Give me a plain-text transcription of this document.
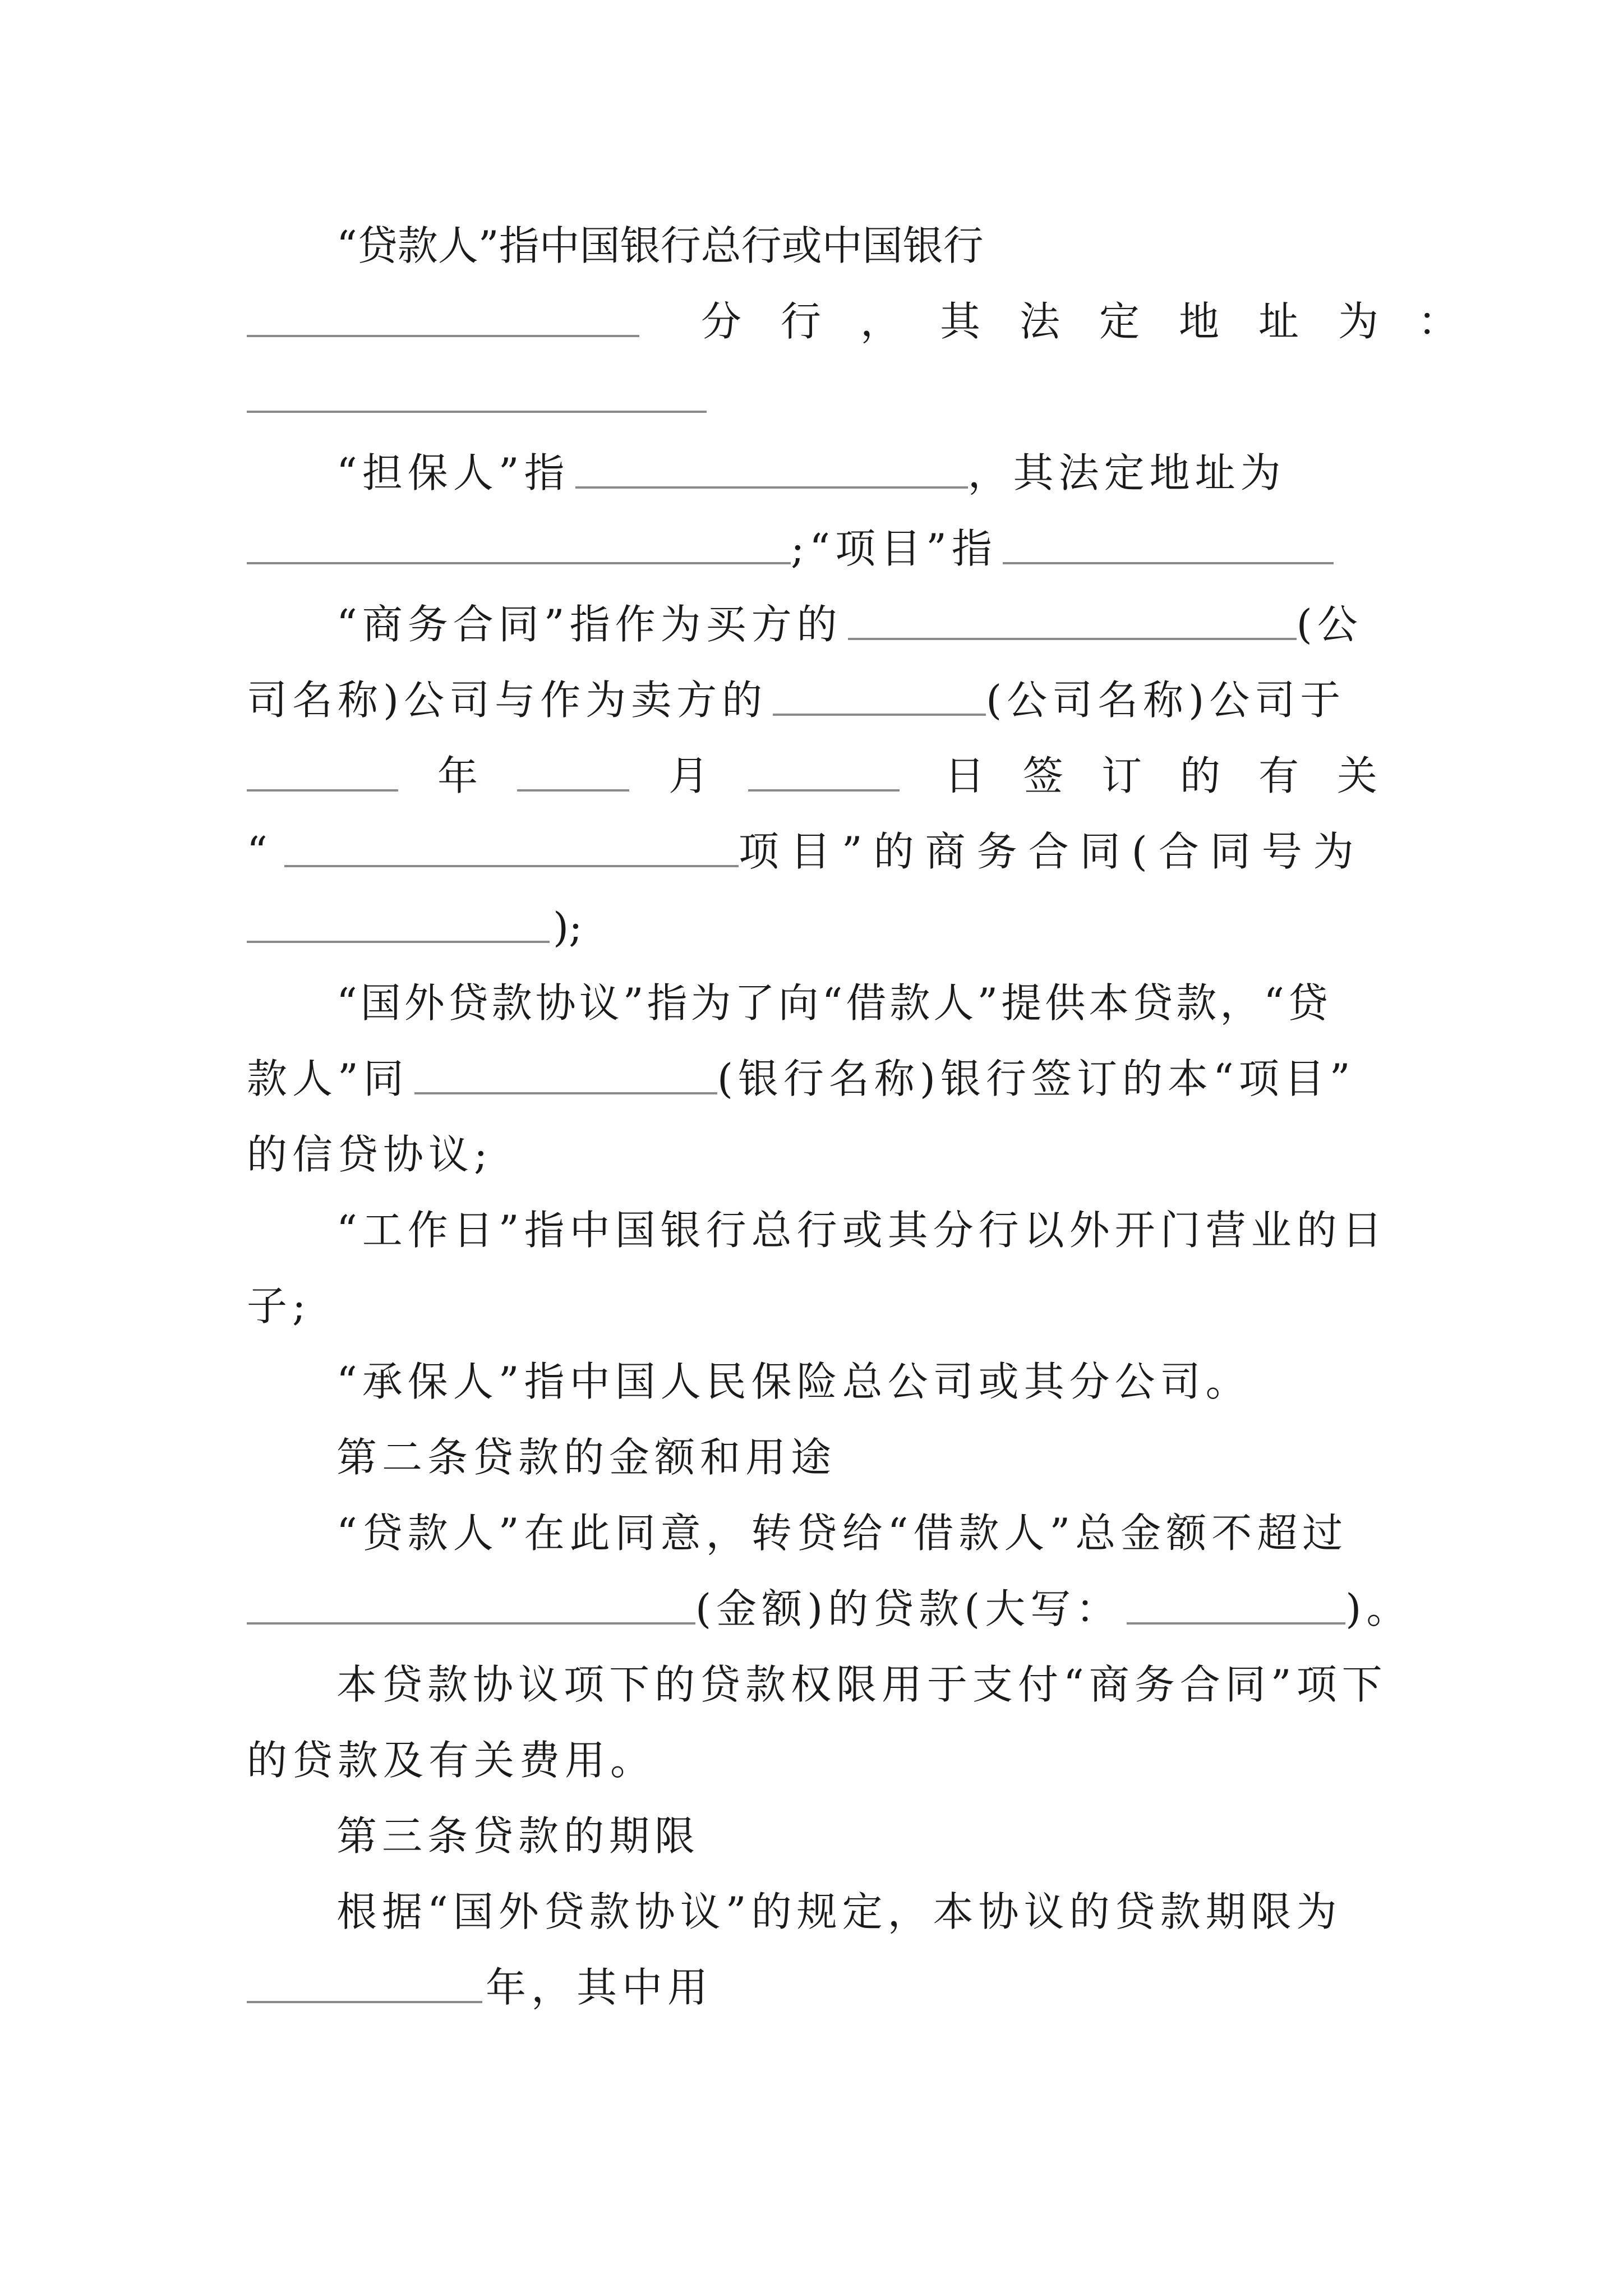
“贷款人”指中国银行总行或中国银行
分行，其法定地址为：
“担保人”指	，其法定地址为
;“项目”指
“商务合同”指作为买方的	(公
司名称)公司与作为卖方的	(公司名称)公司于
年	月	日签订的有关
“	项目”的商务合同(合同号为
);
“国外贷款协议”指为了向“借款人”提供本贷款，“贷
款人”同	(银行名称)银行签订的本“项目”
的信贷协议;
“工作日”指中国银行总行或其分行以外开门营业的日
子;
“承保人”指中国人民保险总公司或其分公司。
第二条贷款的金额和用途
“贷款人”在此同意，转贷给“借款人”总金额不超过
(金额)的贷款(大写：	)。
本贷款协议项下的贷款权限用于支付“商务合同”项下
的贷款及有关费用。
第三条贷款的期限
根据“国外贷款协议”的规定，本协议的贷款期限为
年，其中用
